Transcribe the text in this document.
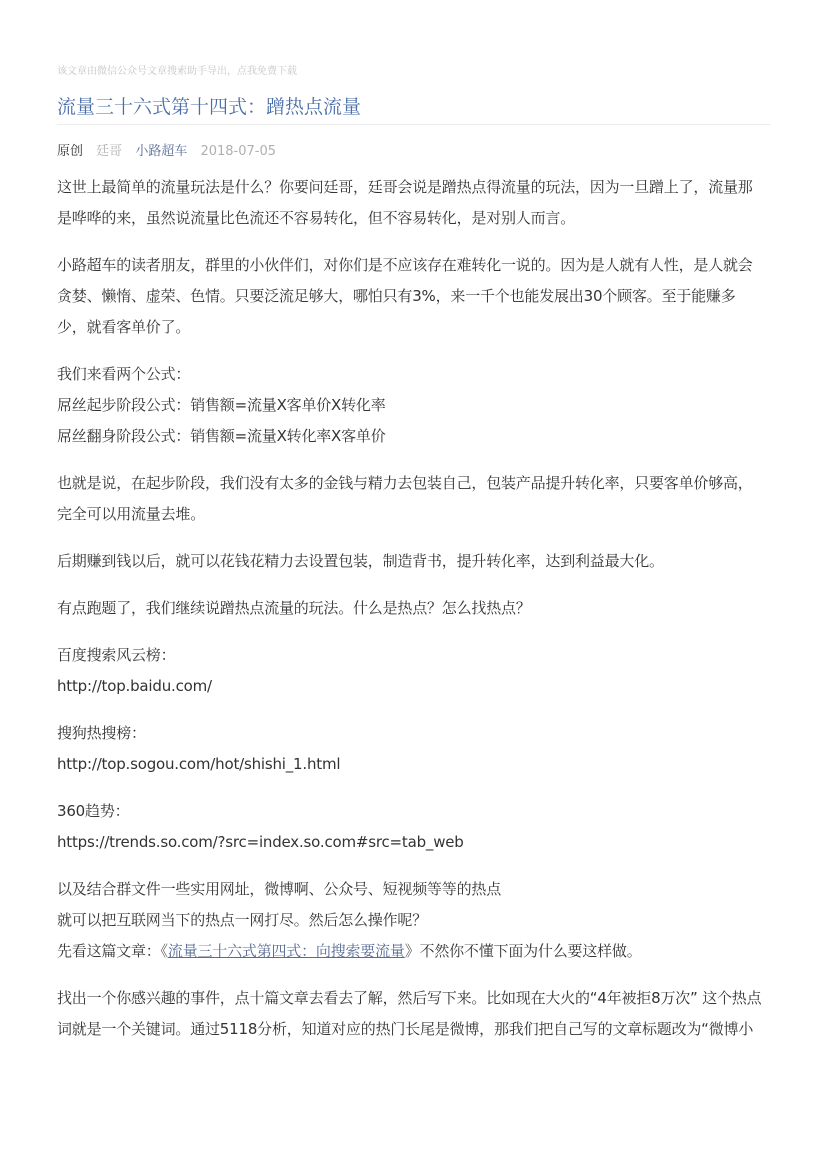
该文章由微信公众号文章搜索助手导出，点我免费下载
流量三十六式第十四式：蹭热点流量
原创 廷哥 小路超车 2018-07-05

这世上最简单的流量玩法是什么？你要问廷哥，廷哥会说是蹭热点得流量的玩法，因为一旦蹭上了，流量那
是哗哗的来，虽然说流量比色流还不容易转化，但不容易转化，是对别人而言。

小路超车的读者朋友，群里的小伙伴们，对你们是不应该存在难转化一说的。因为是人就有人性，是人就会
贪婪、懒惰、虚荣、色情。只要泛流足够大，哪怕只有3%，来一千个也能发展出30个顾客。至于能赚多
少，就看客单价了。

我们来看两个公式：
屌丝起步阶段公式：销售额=流量X客单价X转化率
屌丝翻身阶段公式：销售额=流量X转化率X客单价

也就是说，在起步阶段，我们没有太多的金钱与精力去包装自己，包装产品提升转化率，只要客单价够高，
完全可以用流量去堆。

后期赚到钱以后，就可以花钱花精力去设置包装，制造背书，提升转化率，达到利益最大化。

有点跑题了，我们继续说蹭热点流量的玩法。什么是热点？怎么找热点？

百度搜索风云榜：
http://top.baidu.com/

搜狗热搜榜：
http://top.sogou.com/hot/shishi_1.html

360趋势：
https://trends.so.com/?src=index.so.com#src=tab_web

以及结合群文件一些实用网址，微博啊、公众号、短视频等等的热点
就可以把互联网当下的热点一网打尽。然后怎么操作呢？
先看这篇文章：《流量三十六式第四式：向搜索要流量》不然你不懂下面为什么要这样做。

找出一个你感兴趣的事件，点十篇文章去看去了解，然后写下来。比如现在大火的“4年被拒8万次” 这个热点
词就是一个关键词。通过5118分析，知道对应的热门长尾是微博，那我们把自己写的文章标题改为“微博小
